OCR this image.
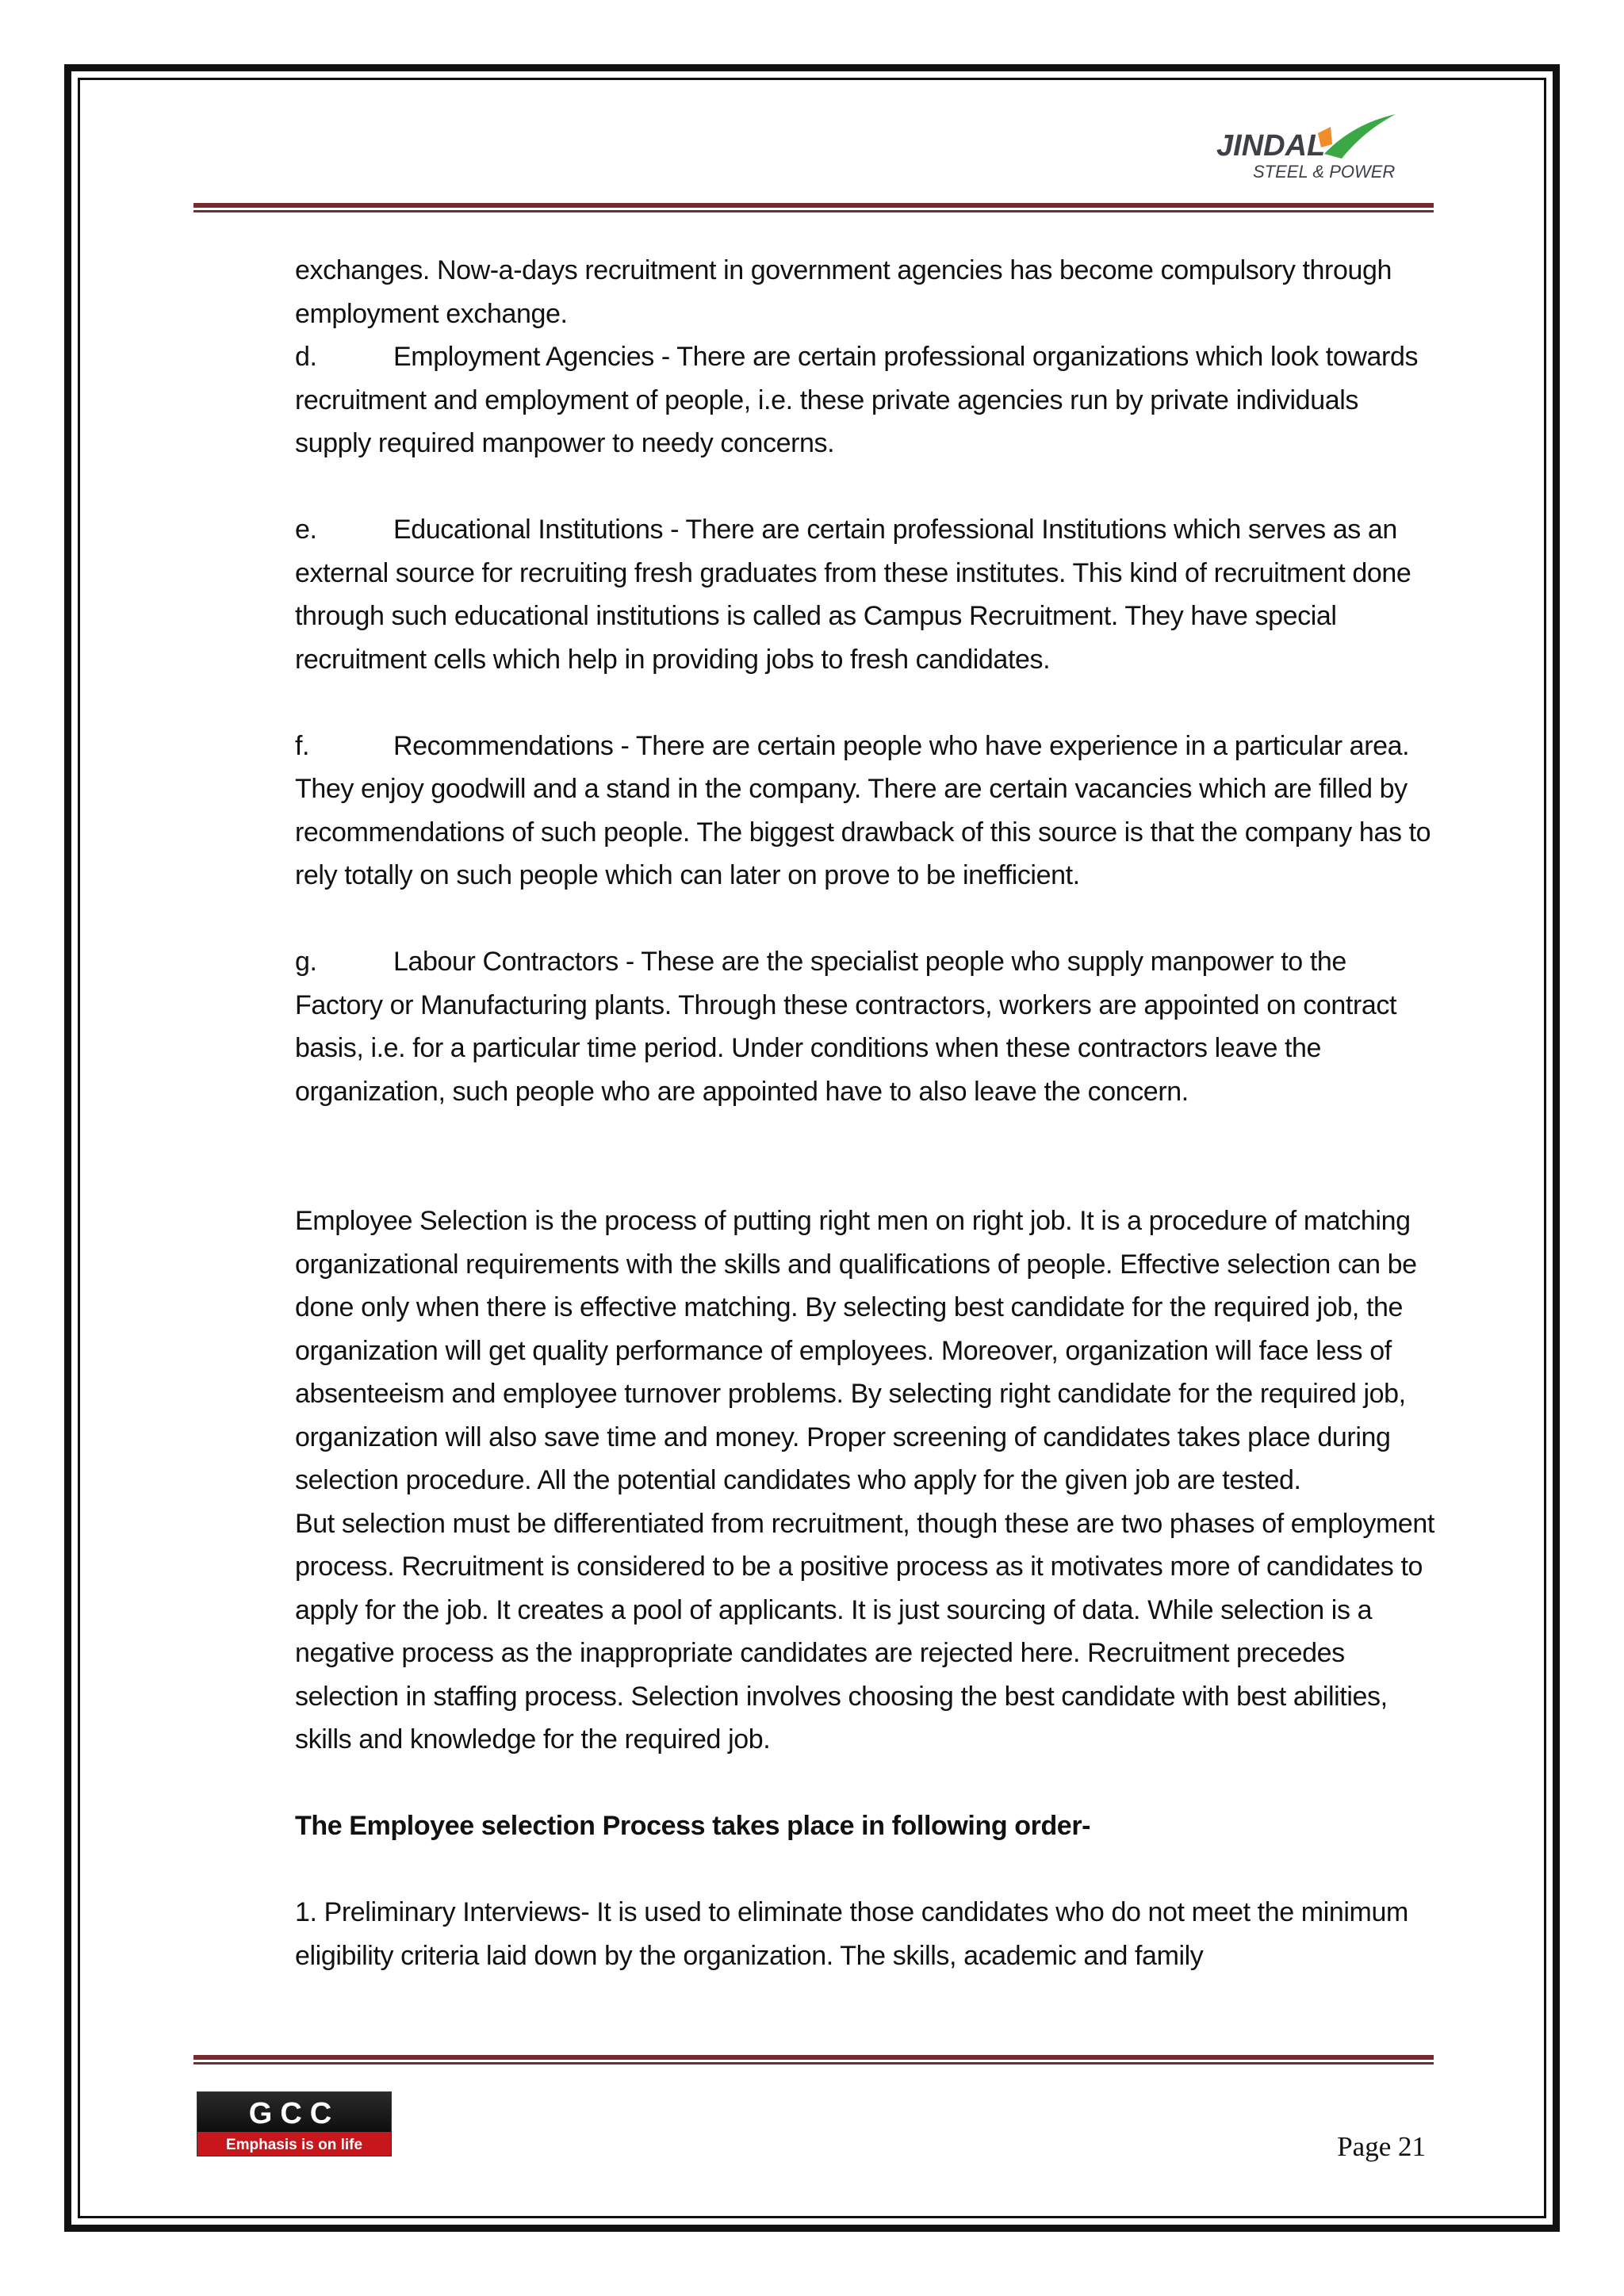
JINDAL
STEEL & POWER

exchanges. Now-a-days recruitment in government agencies has become compulsory through employment exchange.

d.	Employment Agencies - There are certain professional organizations which look towards recruitment and employment of people, i.e. these private agencies run by private individuals supply required manpower to needy concerns.

e.	Educational Institutions - There are certain professional Institutions which serves as an external source for recruiting fresh graduates from these institutes. This kind of recruitment done through such educational institutions is called as Campus Recruitment. They have special recruitment cells which help in providing jobs to fresh candidates.

f.	Recommendations - There are certain people who have experience in a particular area. They enjoy goodwill and a stand in the company. There are certain vacancies which are filled by recommendations of such people. The biggest drawback of this source is that the company has to rely totally on such people which can later on prove to be inefficient.

g.	Labour Contractors - These are the specialist people who supply manpower to the Factory or Manufacturing plants. Through these contractors, workers are appointed on contract basis, i.e. for a particular time period. Under conditions when these contractors leave the organization, such people who are appointed have to also leave the concern.

Employee Selection is the process of putting right men on right job. It is a procedure of matching organizational requirements with the skills and qualifications of people. Effective selection can be done only when there is effective matching. By selecting best candidate for the required job, the organization will get quality performance of employees. Moreover, organization will face less of absenteeism and employee turnover problems. By selecting right candidate for the required job, organization will also save time and money. Proper screening of candidates takes place during selection procedure. All the potential candidates who apply for the given job are tested.

But selection must be differentiated from recruitment, though these are two phases of employment process. Recruitment is considered to be a positive process as it motivates more of candidates to apply for the job. It creates a pool of applicants. It is just sourcing of data. While selection is a negative process as the inappropriate candidates are rejected here. Recruitment precedes selection in staffing process. Selection involves choosing the best candidate with best abilities, skills and knowledge for the required job.

The Employee selection Process takes place in following order-

1. Preliminary Interviews- It is used to eliminate those candidates who do not meet the minimum eligibility criteria laid down by the organization. The skills, academic and family

GCC
Emphasis is on life	Page 21
